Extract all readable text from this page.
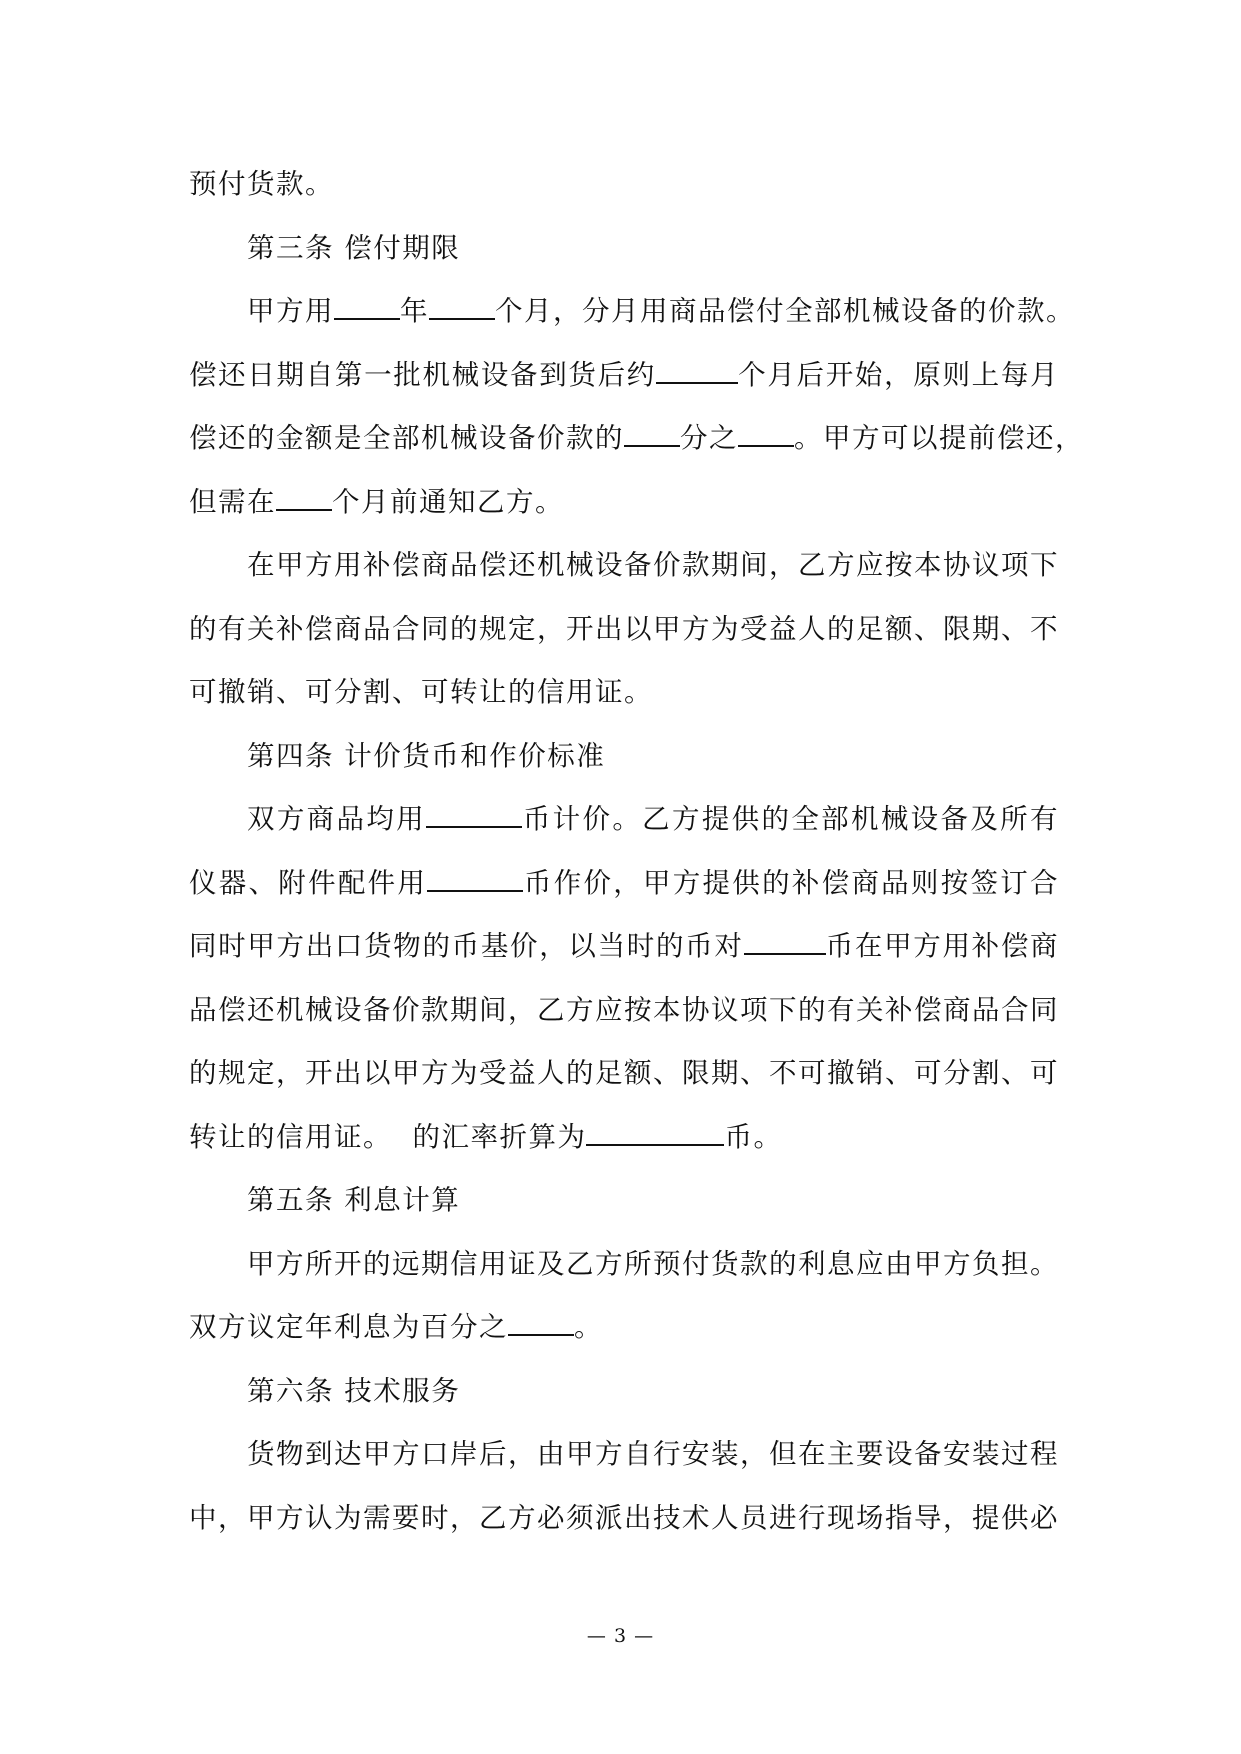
预付货款。
第三条 偿付期限
甲方用 年 个月，分月用商品偿付全部机械设备的价款。
偿还日期自第一批机械设备到货后约	个月后开始，原则上每月
偿还的金额是全部机械设备价款的 分之 。甲方可以提前偿还，
但需在 个月前通知乙方。
在甲方用补偿商品偿还机械设备价款期间，乙方应按本协议项下
的有关补偿商品合同的规定，开出以甲方为受益人的足额、限期、不
可撤销、可分割、可转让的信用证。
第四条 计价货币和作价标准
双方商品均用	币计价。乙方提供的全部机械设备及所有
仪器、附件配件用	币作价，甲方提供的补偿商品则按签订合
同时甲方出口货物的币基价，以当时的币对	币在甲方用补偿商
品偿还机械设备价款期间，乙方应按本协议项下的有关补偿商品合同
的规定，开出以甲方为受益人的足额、限期、不可撤销、可分割、可
转让的信用证。  的汇率折算为	币。
第五条 利息计算
甲方所开的远期信用证及乙方所预付货款的利息应由甲方负担。
双方议定年利息为百分之 。
第六条 技术服务
货物到达甲方口岸后，由甲方自行安装，但在主要设备安装过程
中，甲方认为需要时，乙方必须派出技术人员进行现场指导，提供必
— 3 —
